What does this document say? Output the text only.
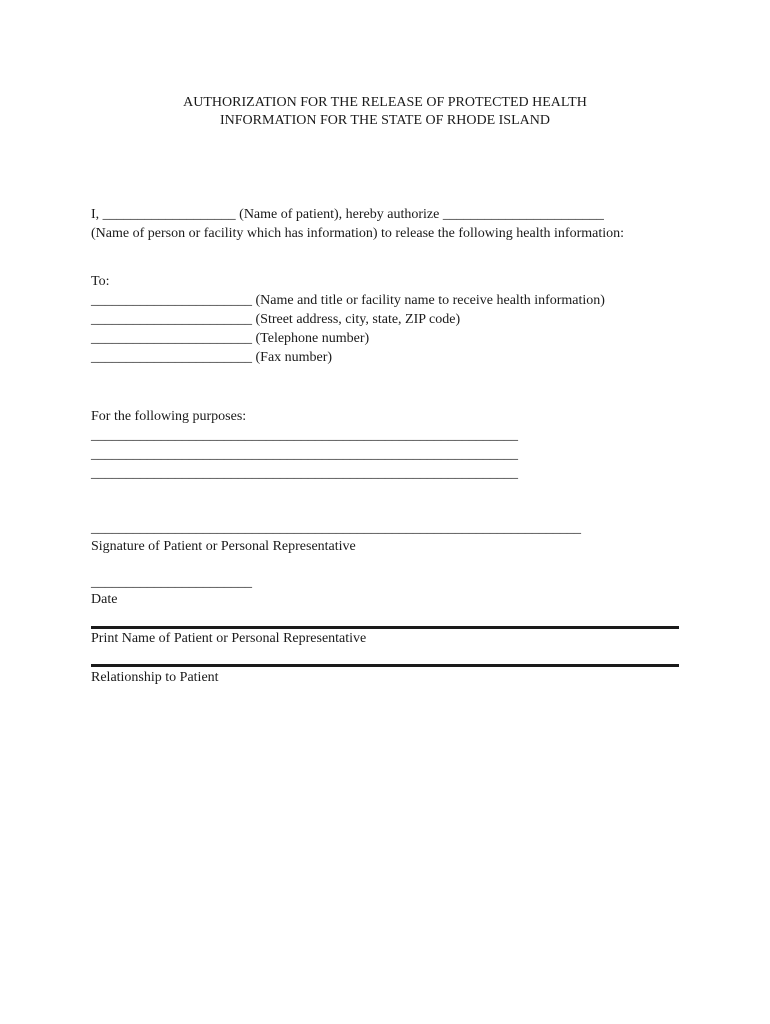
AUTHORIZATION FOR THE RELEASE OF PROTECTED HEALTH
INFORMATION FOR THE STATE OF RHODE ISLAND
I, ___________________ (Name of patient), hereby authorize _______________________
(Name of person or facility which has information) to release the following health information:
To:
_______________________ (Name and title or facility name to receive health information)
_______________________ (Street address, city, state, ZIP code)
_______________________ (Telephone number)
_______________________ (Fax number)
For the following purposes:
_____________________________________________________________
_____________________________________________________________
_____________________________________________________________
______________________________________________________________________
Signature of Patient or Personal Representative
_______________________
Date
Print Name of Patient or Personal Representative
Relationship to Patient
